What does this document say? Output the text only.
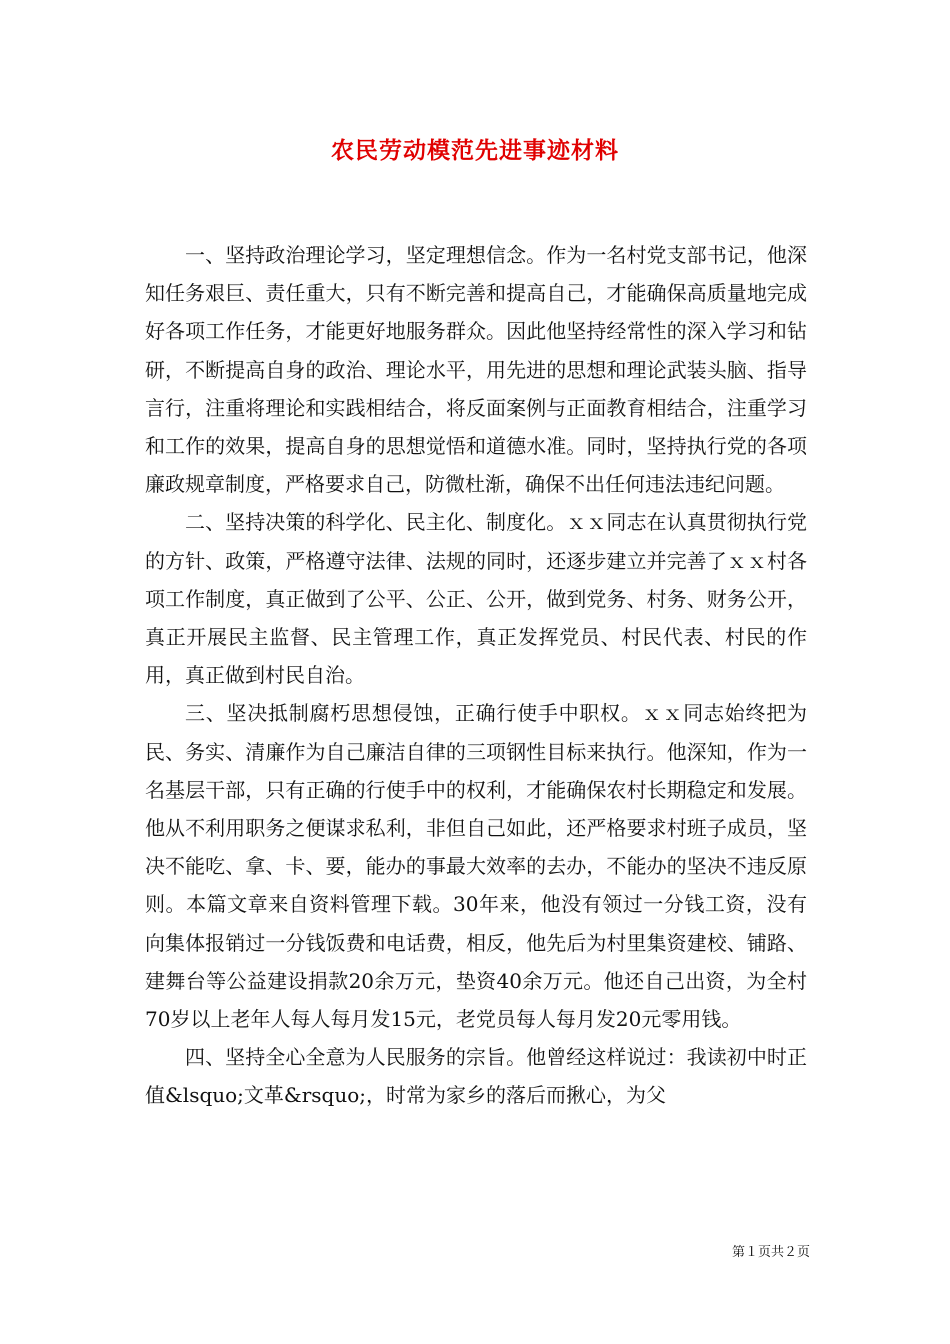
农民劳动模范先进事迹材料

一、坚持政治理论学习，坚定理想信念。作为一名村党支部书记，他深知任务艰巨、责任重大，只有不断完善和提高自己，才能确保高质量地完成好各项工作任务，才能更好地服务群众。因此他坚持经常性的深入学习和钻研，不断提高自身的政治、理论水平，用先进的思想和理论武装头脑、指导言行，注重将理论和实践相结合，将反面案例与正面教育相结合，注重学习和工作的效果，提高自身的思想觉悟和道德水准。同时，坚持执行党的各项廉政规章制度，严格要求自己，防微杜渐，确保不出任何违法违纪问题。

二、坚持决策的科学化、民主化、制度化。ｘｘ同志在认真贯彻执行党的方针、政策，严格遵守法律、法规的同时，还逐步建立并完善了ｘｘ村各项工作制度，真正做到了公平、公正、公开，做到党务、村务、财务公开，真正开展民主监督、民主管理工作，真正发挥党员、村民代表、村民的作用，真正做到村民自治。

三、坚决抵制腐朽思想侵蚀，正确行使手中职权。ｘｘ同志始终把为民、务实、清廉作为自己廉洁自律的三项钢性目标来执行。他深知，作为一名基层干部，只有正确的行使手中的权利，才能确保农村长期稳定和发展。他从不利用职务之便谋求私利，非但自己如此，还严格要求村班子成员，坚决不能吃、拿、卡、要，能办的事最大效率的去办，不能办的坚决不违反原则。本篇文章来自资料管理下载。30年来，他没有领过一分钱工资，没有向集体报销过一分钱饭费和电话费，相反，他先后为村里集资建校、铺路、建舞台等公益建设捐款20余万元，垫资40余万元。他还自己出资，为全村70岁以上老年人每人每月发15元，老党员每人每月发20元零用钱。

四、坚持全心全意为人民服务的宗旨。他曾经这样说过：我读初中时正值&lsquo;文革&rsquo;，时常为家乡的落后而揪心，为父

第１页共２页
